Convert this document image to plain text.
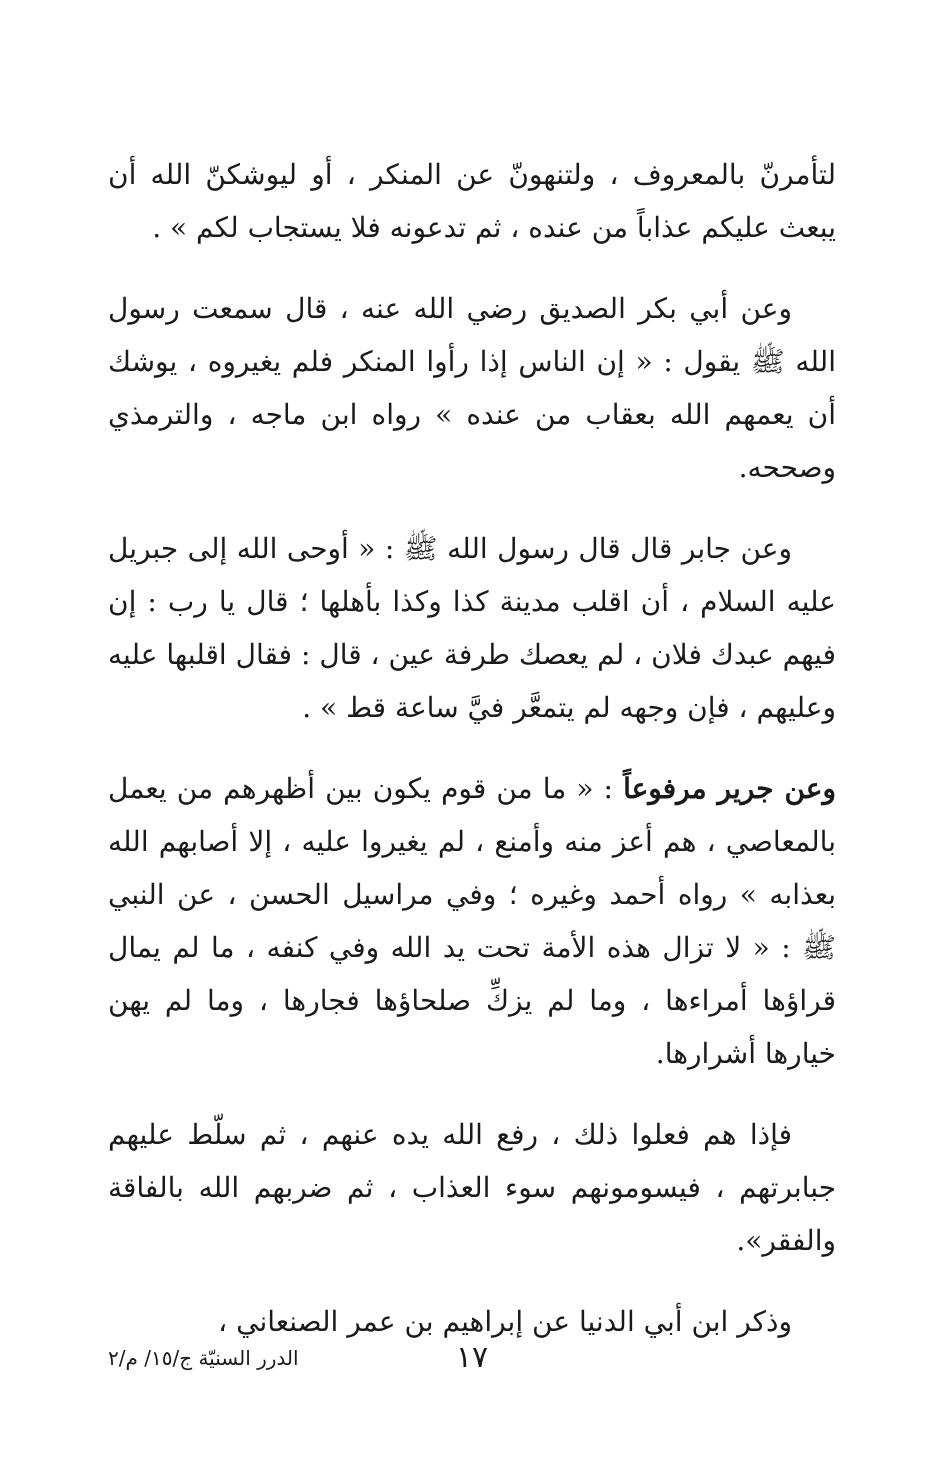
لتأمرنّ بالمعروف ، ولتنهونّ عن المنكر ، أو ليوشكنّ الله أن يبعث عليكم عذاباً من عنده ، ثم تدعونه فلا يستجاب لكم » .

وعن أبي بكر الصديق رضي الله عنه ، قال سمعت رسول الله ﷺ يقول : « إن الناس إذا رأوا المنكر فلم يغيروه ، يوشك أن يعمهم الله بعقاب من عنده » رواه ابن ماجه ، والترمذي وصححه.

وعن جابر قال قال رسول الله ﷺ : « أوحى الله إلى جبريل عليه السلام ، أن اقلب مدينة كذا وكذا بأهلها ؛ قال يا رب : إن فيهم عبدك فلان ، لم يعصك طرفة عين ، قال : فقال اقلبها عليه وعليهم ، فإن وجهه لم يتمعَّر فيَّ ساعة قط » .

وعن جرير مرفوعاً : « ما من قوم يكون بين أظهرهم من يعمل بالمعاصي ، هم أعز منه وأمنع ، لم يغيروا عليه ، إلا أصابهم الله بعذابه » رواه أحمد وغيره ؛ وفي مراسيل الحسن ، عن النبي ﷺ : « لا تزال هذه الأمة تحت يد الله وفي كنفه ، ما لم يمال قراؤها أمراءها ، وما لم يزكِّ صلحاؤها فجارها ، وما لم يهن خيارها أشرارها.

فإذا هم فعلوا ذلك ، رفع الله يده عنهم ، ثم سلّط عليهم جبابرتهم ، فيسومونهم سوء العذاب ، ثم ضربهم الله بالفاقة والفقر».

وذكر ابن أبي الدنيا عن إبراهيم بن عمر الصنعاني ،

١٧
الدرر السنيّة ج/١٥/ م/٢
